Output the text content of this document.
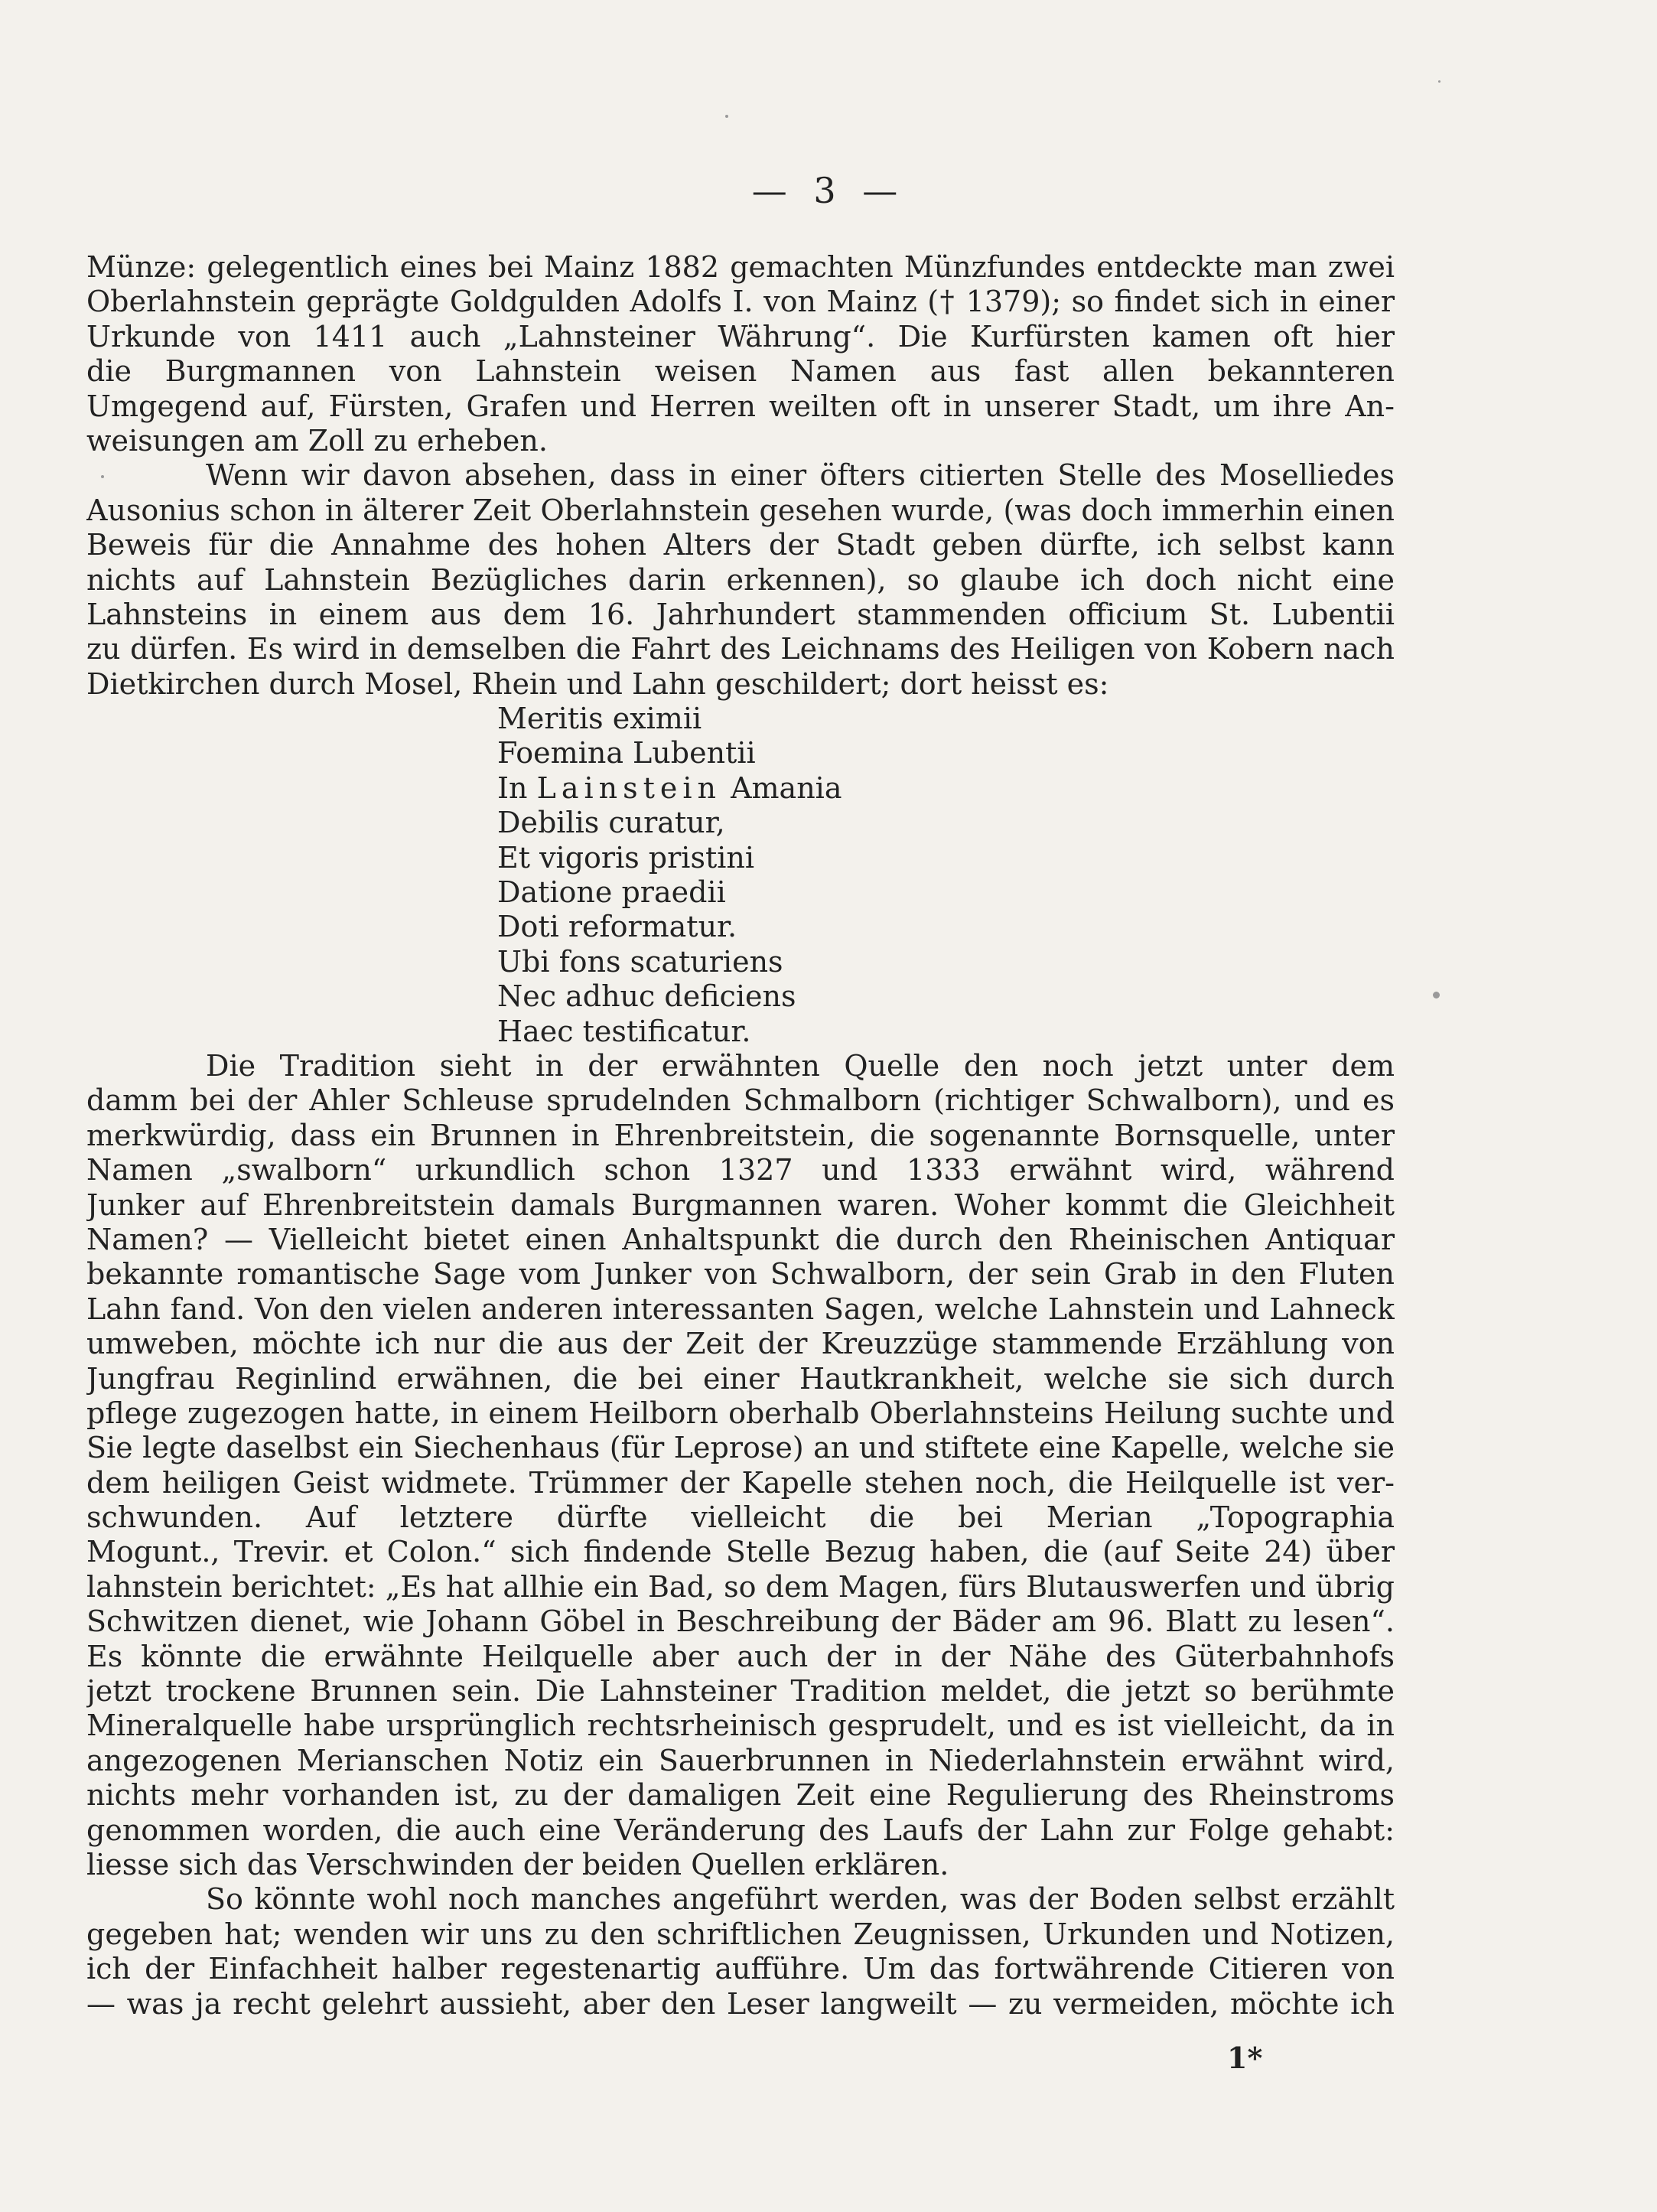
— 3 —
Münze: gelegentlich eines bei Mainz 1882 gemachten Münzfundes entdeckte man zwei
Oberlahnstein geprägte Goldgulden Adolfs I. von Mainz († 1379); so findet sich in einer
Urkunde von 1411 auch „Lahnsteiner Währung“. Die Kurfürsten kamen oft hier
die Burgmannen von Lahnstein weisen Namen aus fast allen bekannteren
Umgegend auf, Fürsten, Grafen und Herren weilten oft in unserer Stadt, um ihre An-
weisungen am Zoll zu erheben.
Wenn wir davon absehen, dass in einer öfters citierten Stelle des Moselliedes
Ausonius schon in älterer Zeit Oberlahnstein gesehen wurde, (was doch immerhin einen
Beweis für die Annahme des hohen Alters der Stadt geben dürfte, ich selbst kann
nichts auf Lahnstein Bezügliches darin erkennen), so glaube ich doch nicht eine
Lahnsteins in einem aus dem 16. Jahrhundert stammenden officium St. Lubentii
zu dürfen. Es wird in demselben die Fahrt des Leichnams des Heiligen von Kobern nach
Dietkirchen durch Mosel, Rhein und Lahn geschildert; dort heisst es:
Meritis eximii
Foemina Lubentii
In Lainstein Amania
Debilis curatur,
Et vigoris pristini
Datione praedii
Doti reformatur.
Ubi fons scaturiens
Nec adhuc deficiens
Haec testificatur.
Die Tradition sieht in der erwähnten Quelle den noch jetzt unter dem
damm bei der Ahler Schleuse sprudelnden Schmalborn (richtiger Schwalborn), und es
merkwürdig, dass ein Brunnen in Ehrenbreitstein, die sogenannte Bornsquelle, unter
Namen „swalborn“ urkundlich schon 1327 und 1333 erwähnt wird, während
Junker auf Ehrenbreitstein damals Burgmannen waren. Woher kommt die Gleichheit
Namen? — Vielleicht bietet einen Anhaltspunkt die durch den Rheinischen Antiquar
bekannte romantische Sage vom Junker von Schwalborn, der sein Grab in den Fluten
Lahn fand. Von den vielen anderen interessanten Sagen, welche Lahnstein und Lahneck
umweben, möchte ich nur die aus der Zeit der Kreuzzüge stammende Erzählung von
Jungfrau Reginlind erwähnen, die bei einer Hautkrankheit, welche sie sich durch
pflege zugezogen hatte, in einem Heilborn oberhalb Oberlahnsteins Heilung suchte und
Sie legte daselbst ein Siechenhaus (für Leprose) an und stiftete eine Kapelle, welche sie
dem heiligen Geist widmete. Trümmer der Kapelle stehen noch, die Heilquelle ist ver-
schwunden. Auf letztere dürfte vielleicht die bei Merian „Topographia
Mogunt., Trevir. et Colon.“ sich findende Stelle Bezug haben, die (auf Seite 24) über
lahnstein berichtet: „Es hat allhie ein Bad, so dem Magen, fürs Blutauswerfen und übrig
Schwitzen dienet, wie Johann Göbel in Beschreibung der Bäder am 96. Blatt zu lesen“.
Es könnte die erwähnte Heilquelle aber auch der in der Nähe des Güterbahnhofs
jetzt trockene Brunnen sein. Die Lahnsteiner Tradition meldet, die jetzt so berühmte
Mineralquelle habe ursprünglich rechtsrheinisch gesprudelt, und es ist vielleicht, da in
angezogenen Merianschen Notiz ein Sauerbrunnen in Niederlahnstein erwähnt wird,
nichts mehr vorhanden ist, zu der damaligen Zeit eine Regulierung des Rheinstroms
genommen worden, die auch eine Veränderung des Laufs der Lahn zur Folge gehabt:
liesse sich das Verschwinden der beiden Quellen erklären.
So könnte wohl noch manches angeführt werden, was der Boden selbst erzählt
gegeben hat; wenden wir uns zu den schriftlichen Zeugnissen, Urkunden und Notizen,
ich der Einfachheit halber regestenartig aufführe. Um das fortwährende Citieren von
— was ja recht gelehrt aussieht, aber den Leser langweilt — zu vermeiden, möchte ich
1*
